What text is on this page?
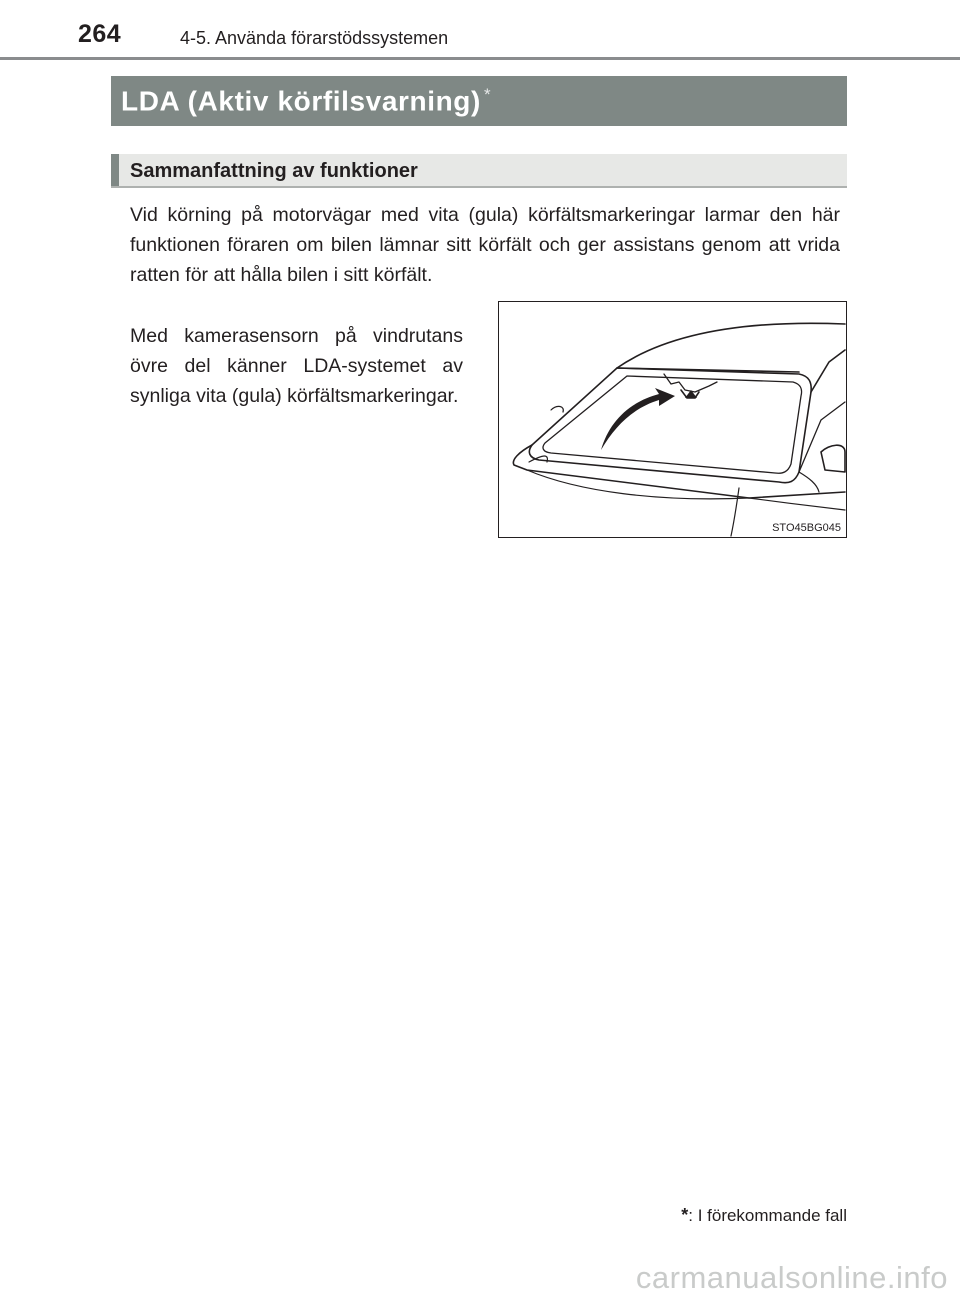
264	4-5. Använda förarstödssystemen
LDA (Aktiv körfilsvarning) *
Sammanfattning av funktioner

Vid körning på motorvägar med vita (gula) körfältsmarkeringar larmar den här funktionen föraren om bilen lämnar sitt körfält och ger assistans genom att vrida ratten för att hålla bilen i sitt körfält.

Med kamerasensorn på vindrutans övre del känner LDA-systemet av synliga vita (gula) körfältsmarkeringar.

STO45BG045
*: I förekommande fall
carmanualsonline.info
